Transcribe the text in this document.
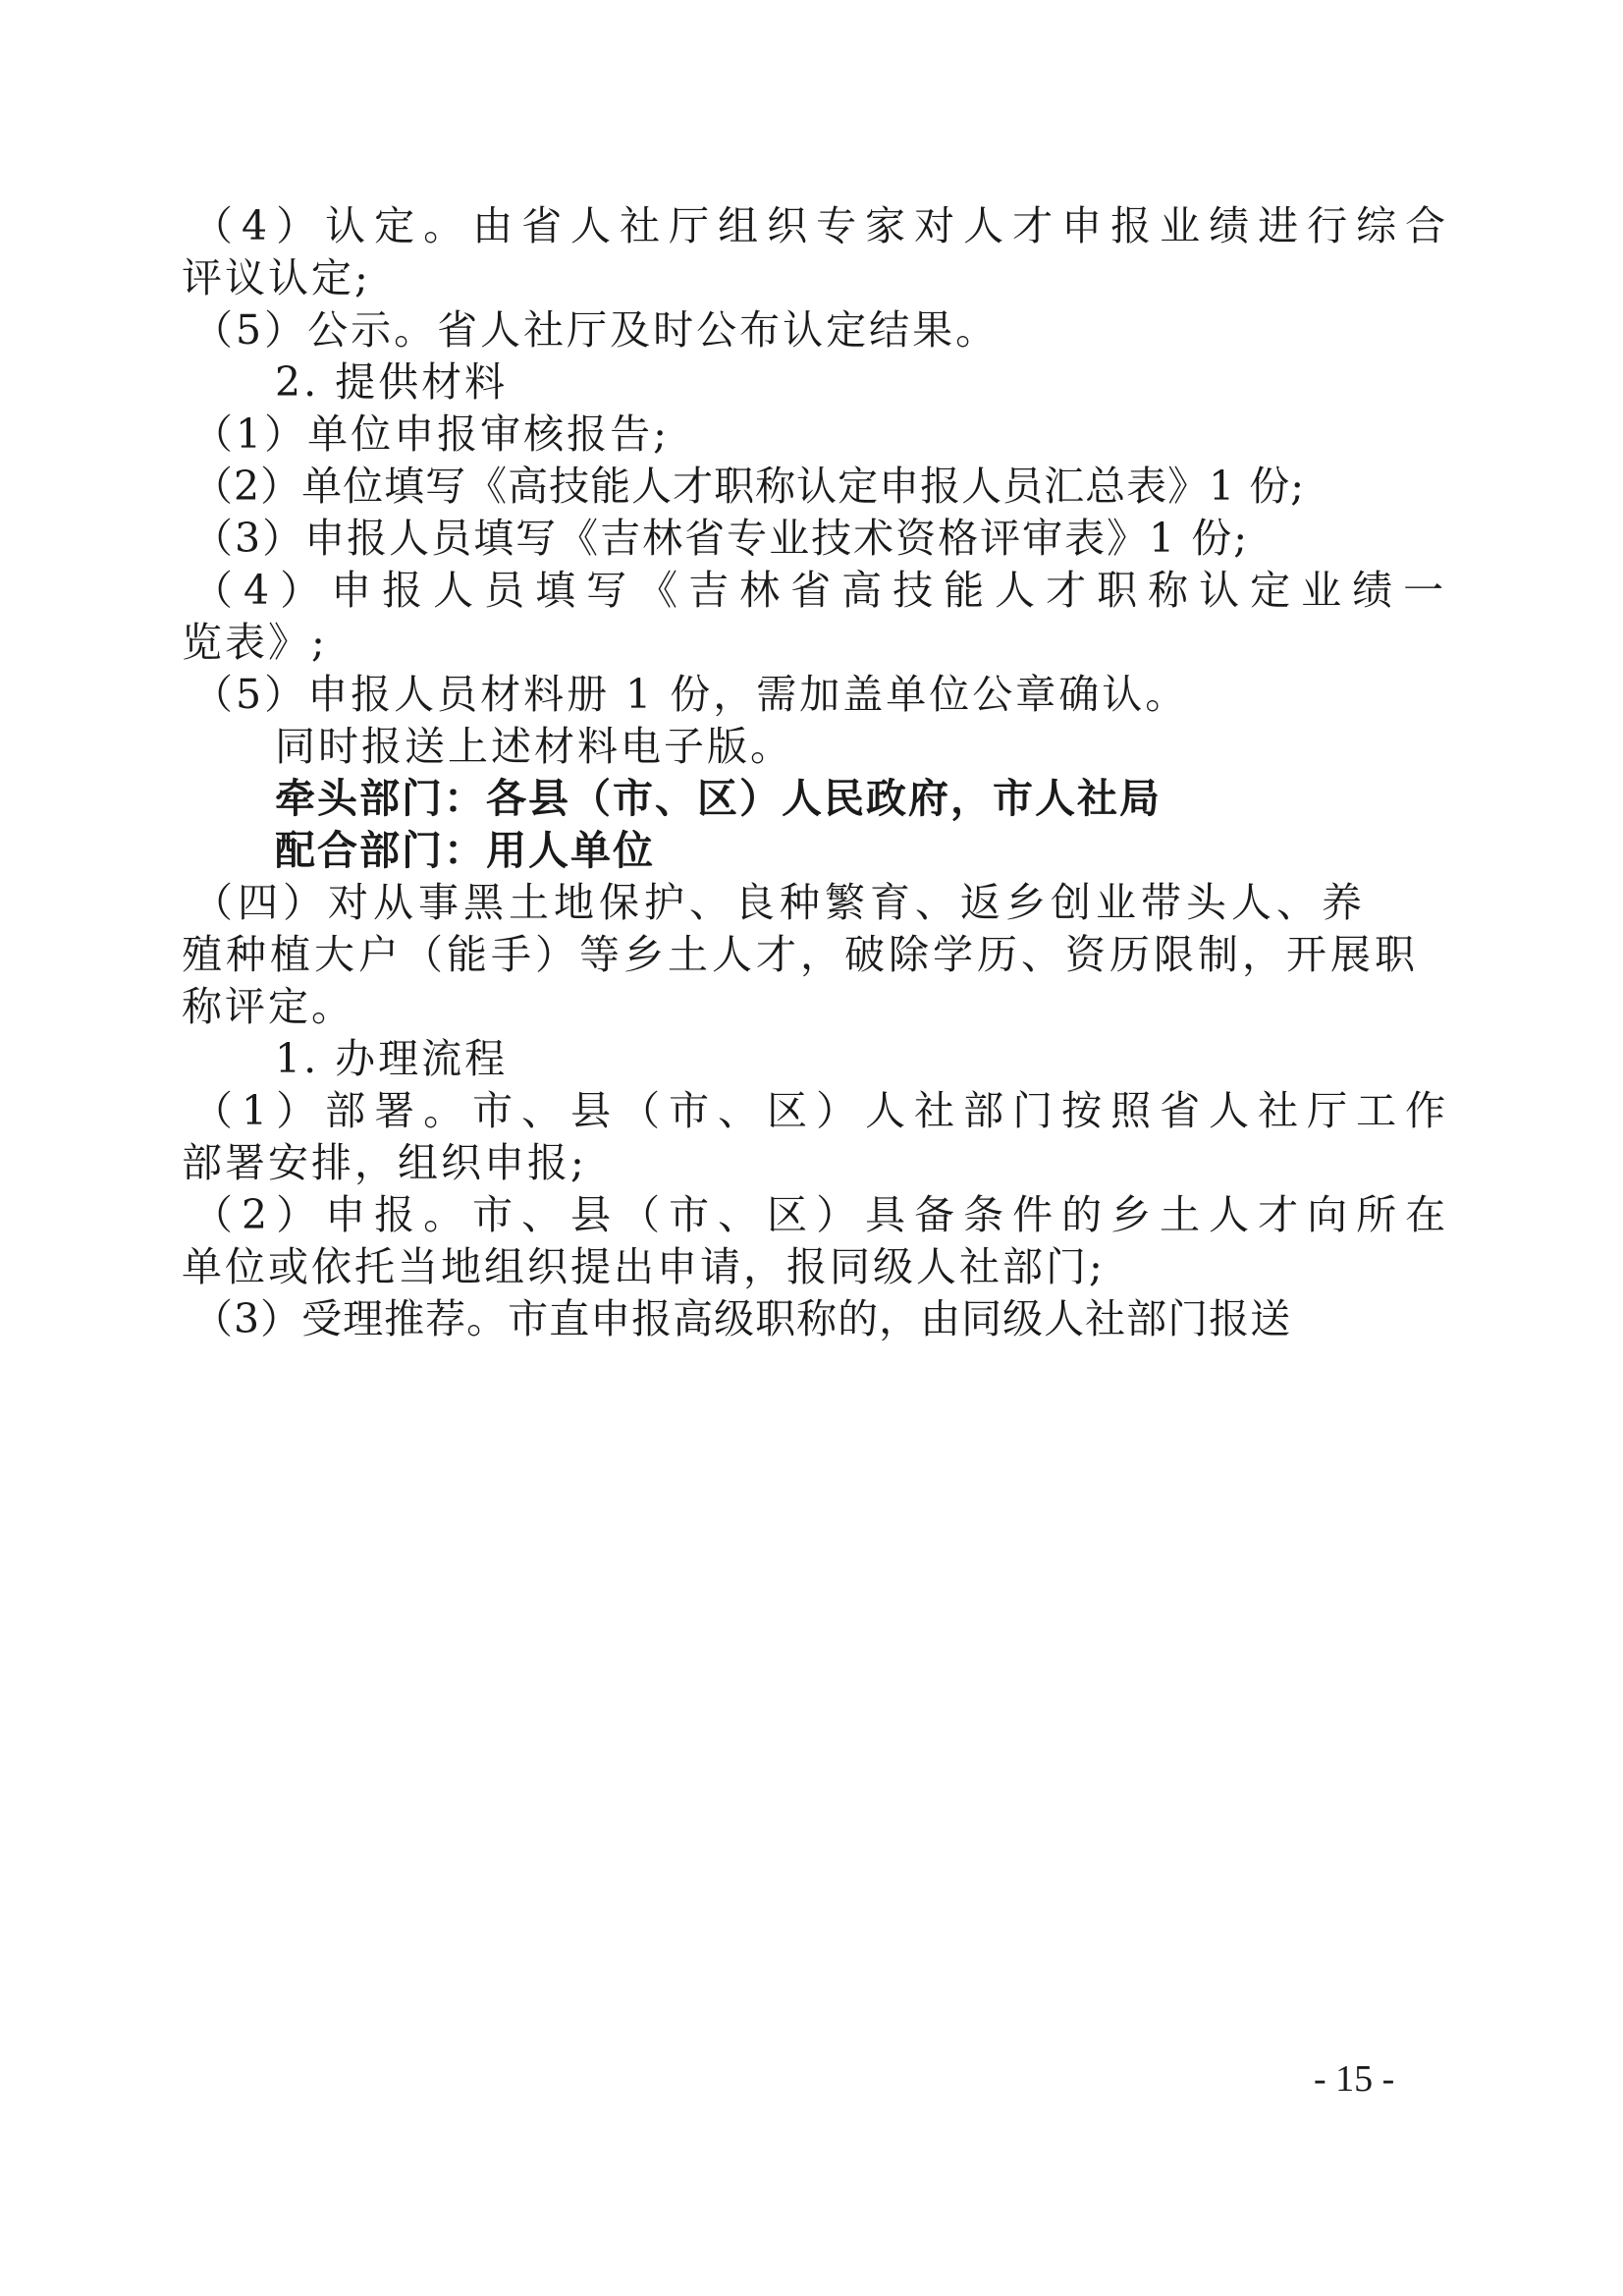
（4）认定。由省人社厅组织专家对人才申报业绩进行综合
评议认定;
（5）公示。省人社厅及时公布认定结果。
2. 提供材料
（1）单位申报审核报告;
（2）单位填写《高技能人才职称认定申报人员汇总表》1 份;
（3）申报人员填写《吉林省专业技术资格评审表》1 份;
（4）申报人员填写《吉林省高技能人才职称认定业绩一
览表》;
（5）申报人员材料册 1 份，需加盖单位公章确认。
同时报送上述材料电子版。
牵头部门：各县（市、区）人民政府，市人社局
配合部门：用人单位
（四）对从事黑土地保护、良种繁育、返乡创业带头人、养
殖种植大户（能手）等乡土人才，破除学历、资历限制，开展职
称评定。
1. 办理流程
（1）部署。市、县（市、区）人社部门按照省人社厅工作
部署安排，组织申报;
（2）申报。市、县（市、区）具备条件的乡土人才向所在
单位或依托当地组织提出申请，报同级人社部门;
（3）受理推荐。市直申报高级职称的，由同级人社部门报送
- 15 -
